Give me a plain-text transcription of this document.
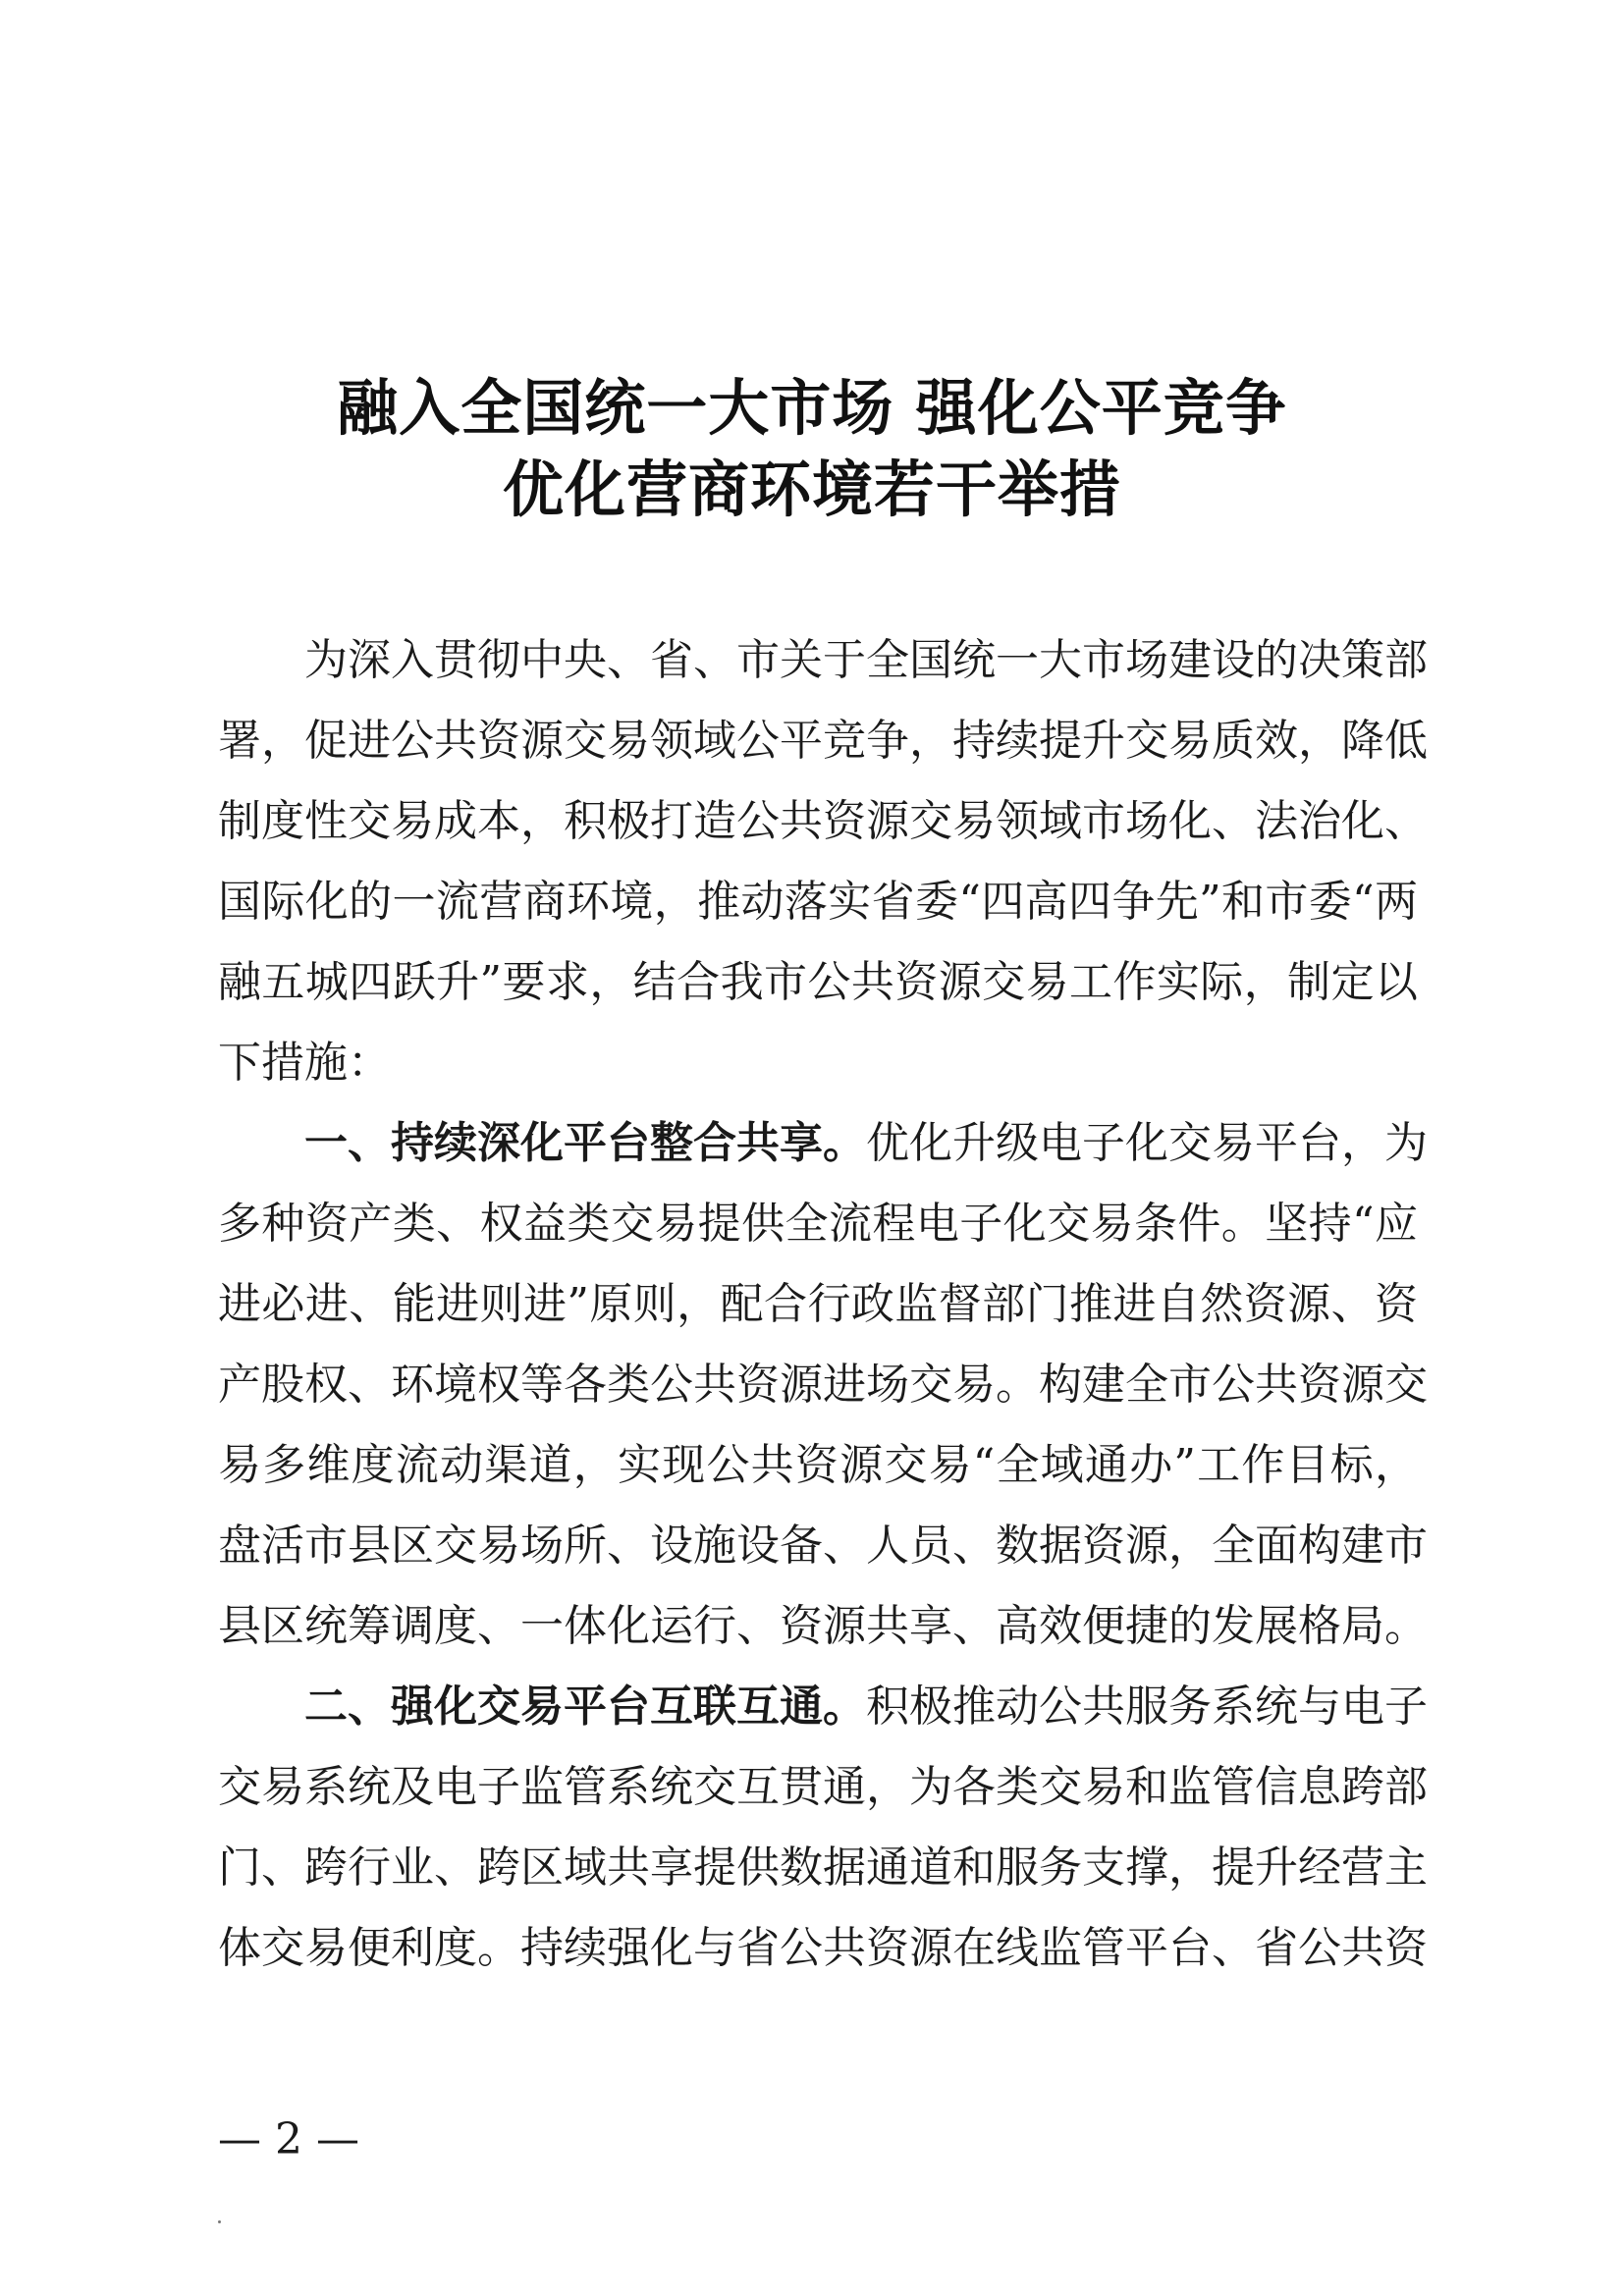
融入全国统一大市场 强化公平竞争
优化营商环境若干举措
为深入贯彻中央、省、市关于全国统一大市场建设的决策部
署，促进公共资源交易领域公平竞争，持续提升交易质效，降低
制度性交易成本，积极打造公共资源交易领域市场化、法治化、
国际化的一流营商环境，推动落实省委“四高四争先”和市委“两
融五城四跃升”要求，结合我市公共资源交易工作实际，制定以
下措施：
一、持续深化平台整合共享。优化升级电子化交易平台，为
多种资产类、权益类交易提供全流程电子化交易条件。坚持“应
进必进、能进则进”原则，配合行政监督部门推进自然资源、资
产股权、环境权等各类公共资源进场交易。构建全市公共资源交
易多维度流动渠道，实现公共资源交易“全域通办”工作目标，
盘活市县区交易场所、设施设备、人员、数据资源，全面构建市
县区统筹调度、一体化运行、资源共享、高效便捷的发展格局。
二、强化交易平台互联互通。积极推动公共服务系统与电子
交易系统及电子监管系统交互贯通，为各类交易和监管信息跨部
门、跨行业、跨区域共享提供数据通道和服务支撑，提升经营主
体交易便利度。持续强化与省公共资源在线监管平台、省公共资
— 2 —
